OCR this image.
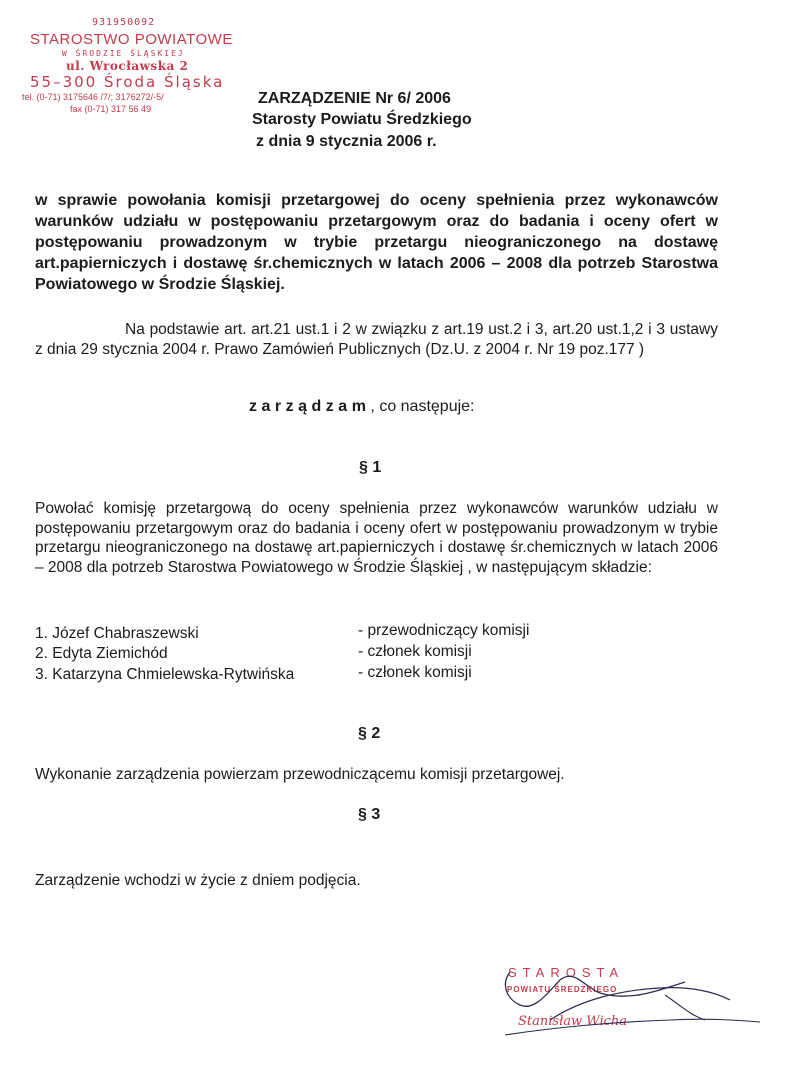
931950092
STAROSTWO POWIATOWE
W ŚRODZIE ŚLĄSKIEJ
ul. Wrocławska 2
55–300 Środa Śląska
tel. (0-71) 3175646 /7/; 3176272/-5/
fax (0-71) 317 56 49
ZARZĄDZENIE Nr 6/ 2006
Starosty Powiatu Średzkiego
z dnia 9 stycznia 2006 r.
w sprawie powołania komisji przetargowej do oceny spełnienia przez wykonawców warunków udziału w postępowaniu przetargowym oraz do badania i oceny ofert w postępowaniu prowadzonym w trybie przetargu nieograniczonego na dostawę art.papierniczych i dostawę śr.chemicznych w latach 2006 – 2008 dla potrzeb Starostwa Powiatowego w Środzie Śląskiej.
Na podstawie art. art.21 ust.1 i 2 w związku z art.19 ust.2 i 3, art.20 ust.1,2 i 3 ustawy z dnia 29 stycznia 2004 r. Prawo Zamówień Publicznych (Dz.U. z 2004 r. Nr 19 poz.177 )
zarządzam, co następuje:
§ 1
Powołać komisję przetargową do oceny spełnienia przez wykonawców warunków udziału w postępowaniu przetargowym oraz do badania i oceny ofert w postępowaniu prowadzonym w trybie przetargu nieograniczonego na dostawę art.papierniczych i dostawę śr.chemicznych w latach 2006 – 2008 dla potrzeb Starostwa Powiatowego w Środzie Śląskiej , w następującym składzie:
1. Józef Chabraszewski	- przewodniczący komisji
2. Edyta Ziemichód	- członek komisji
3. Katarzyna Chmielewska-Rytwińska	- członek komisji
§ 2
Wykonanie zarządzenia powierzam przewodniczącemu komisji przetargowej.
§ 3
Zarządzenie wchodzi w życie z dniem podjęcia.
STAROSTA
POWIATU ŚREDZKIEGO
Stanisław Wicha
